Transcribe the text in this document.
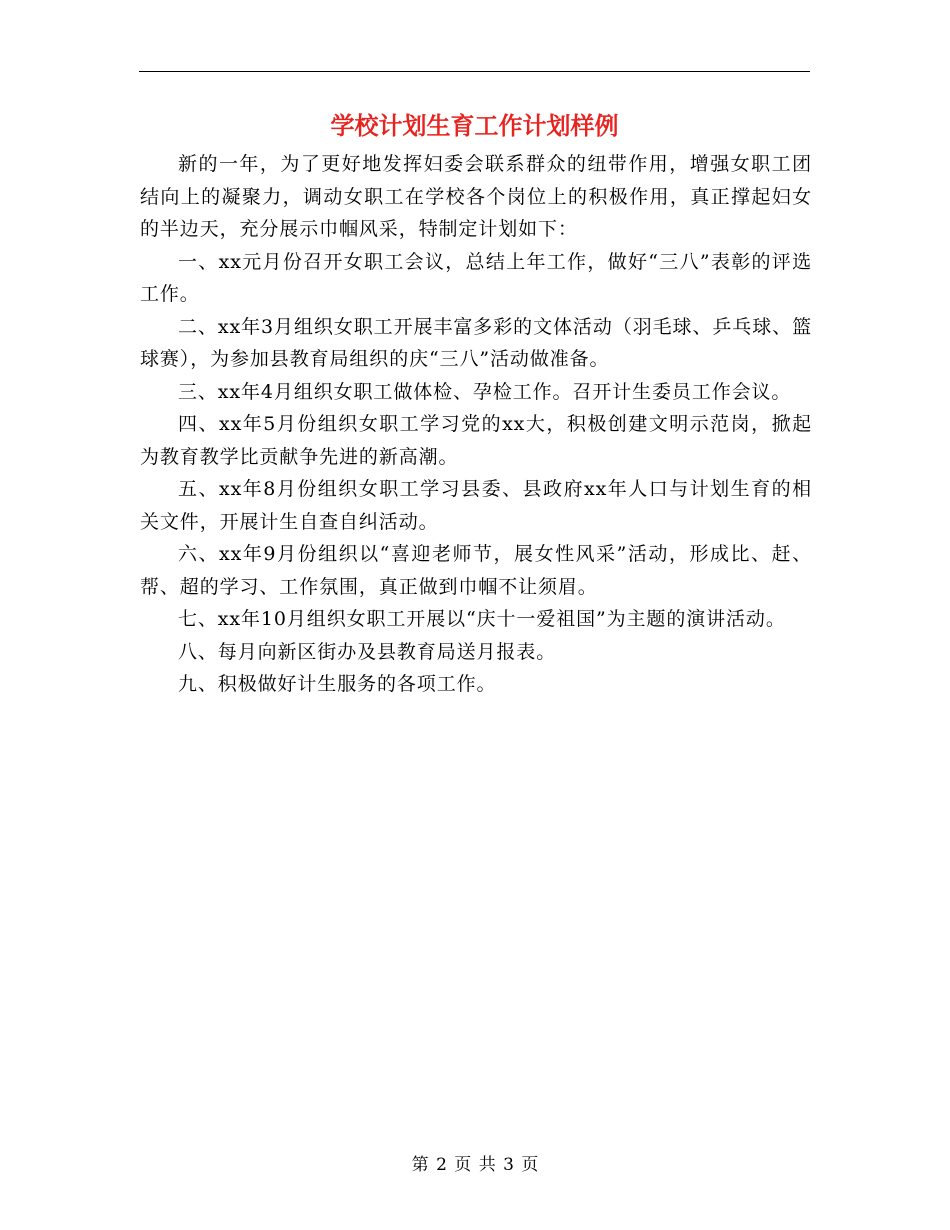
学校计划生育工作计划样例

新的一年，为了更好地发挥妇委会联系群众的纽带作用，增强女职工团结向上的凝聚力，调动女职工在学校各个岗位上的积极作用，真正撑起妇女的半边天，充分展示巾帼风采，特制定计划如下：

一、xx元月份召开女职工会议，总结上年工作，做好“三八”表彰的评选工作。

二、xx年3月组织女职工开展丰富多彩的文体活动（羽毛球、乒乓球、篮球赛），为参加县教育局组织的庆“三八”活动做准备。

三、xx年4月组织女职工做体检、孕检工作。召开计生委员工作会议。

四、xx年5月份组织女职工学习党的xx大，积极创建文明示范岗，掀起为教育教学比贡献争先进的新高潮。

五、xx年8月份组织女职工学习县委、县政府xx年人口与计划生育的相关文件，开展计生自查自纠活动。

六、xx年9月份组织以“喜迎老师节，展女性风采”活动，形成比、赶、帮、超的学习、工作氛围，真正做到巾帼不让须眉。

七、xx年10月组织女职工开展以“庆十一爱祖国”为主题的演讲活动。

八、每月向新区街办及县教育局送月报表。

九、积极做好计生服务的各项工作。

第 2 页 共 3 页
